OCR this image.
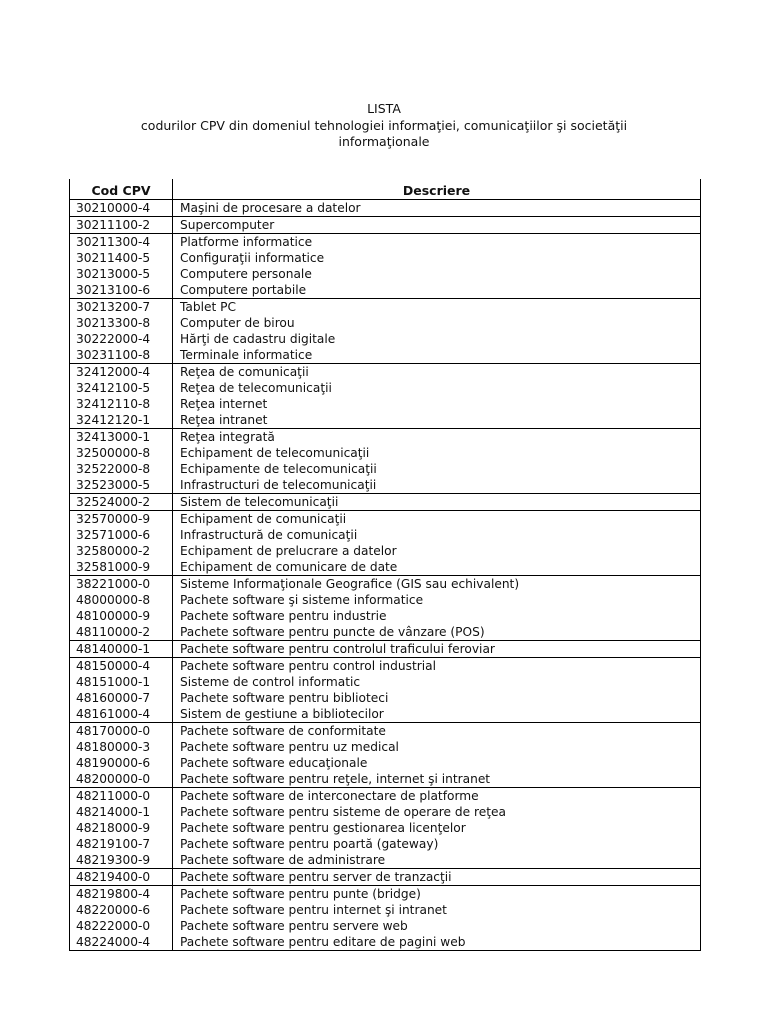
LISTA
codurilor CPV din domeniul tehnologiei informaţiei, comunicaţiilor şi societăţii
informaţionale
Cod CPV	Descriere
30210000-4	Maşini de procesare a datelor
30211100-2	Supercomputer
30211300-4	Platforme informatice
30211400-5	Configuraţii informatice
30213000-5	Computere personale
30213100-6	Computere portabile
30213200-7	Tablet PC
30213300-8	Computer de birou
30222000-4	Hărţi de cadastru digitale
30231100-8	Terminale informatice
32412000-4	Reţea de comunicaţii
32412100-5	Reţea de telecomunicaţii
32412110-8	Reţea internet
32412120-1	Reţea intranet
32413000-1	Reţea integrată
32500000-8	Echipament de telecomunicaţii
32522000-8	Echipamente de telecomunicaţii
32523000-5	Infrastructuri de telecomunicaţii
32524000-2	Sistem de telecomunicaţii
32570000-9	Echipament de comunicaţii
32571000-6	Infrastructură de comunicaţii
32580000-2	Echipament de prelucrare a datelor
32581000-9	Echipament de comunicare de date
38221000-0	Sisteme Informaţionale Geografice (GIS sau echivalent)
48000000-8	Pachete software şi sisteme informatice
48100000-9	Pachete software pentru industrie
48110000-2	Pachete software pentru puncte de vânzare (POS)
48140000-1	Pachete software pentru controlul traficului feroviar
48150000-4	Pachete software pentru control industrial
48151000-1	Sisteme de control informatic
48160000-7	Pachete software pentru biblioteci
48161000-4	Sistem de gestiune a bibliotecilor
48170000-0	Pachete software de conformitate
48180000-3	Pachete software pentru uz medical
48190000-6	Pachete software educaţionale
48200000-0	Pachete software pentru reţele, internet şi intranet
48211000-0	Pachete software de interconectare de platforme
48214000-1	Pachete software pentru sisteme de operare de reţea
48218000-9	Pachete software pentru gestionarea licenţelor
48219100-7	Pachete software pentru poartă (gateway)
48219300-9	Pachete software de administrare
48219400-0	Pachete software pentru server de tranzacţii
48219800-4	Pachete software pentru punte (bridge)
48220000-6	Pachete software pentru internet şi intranet
48222000-0	Pachete software pentru servere web
48224000-4	Pachete software pentru editare de pagini web
